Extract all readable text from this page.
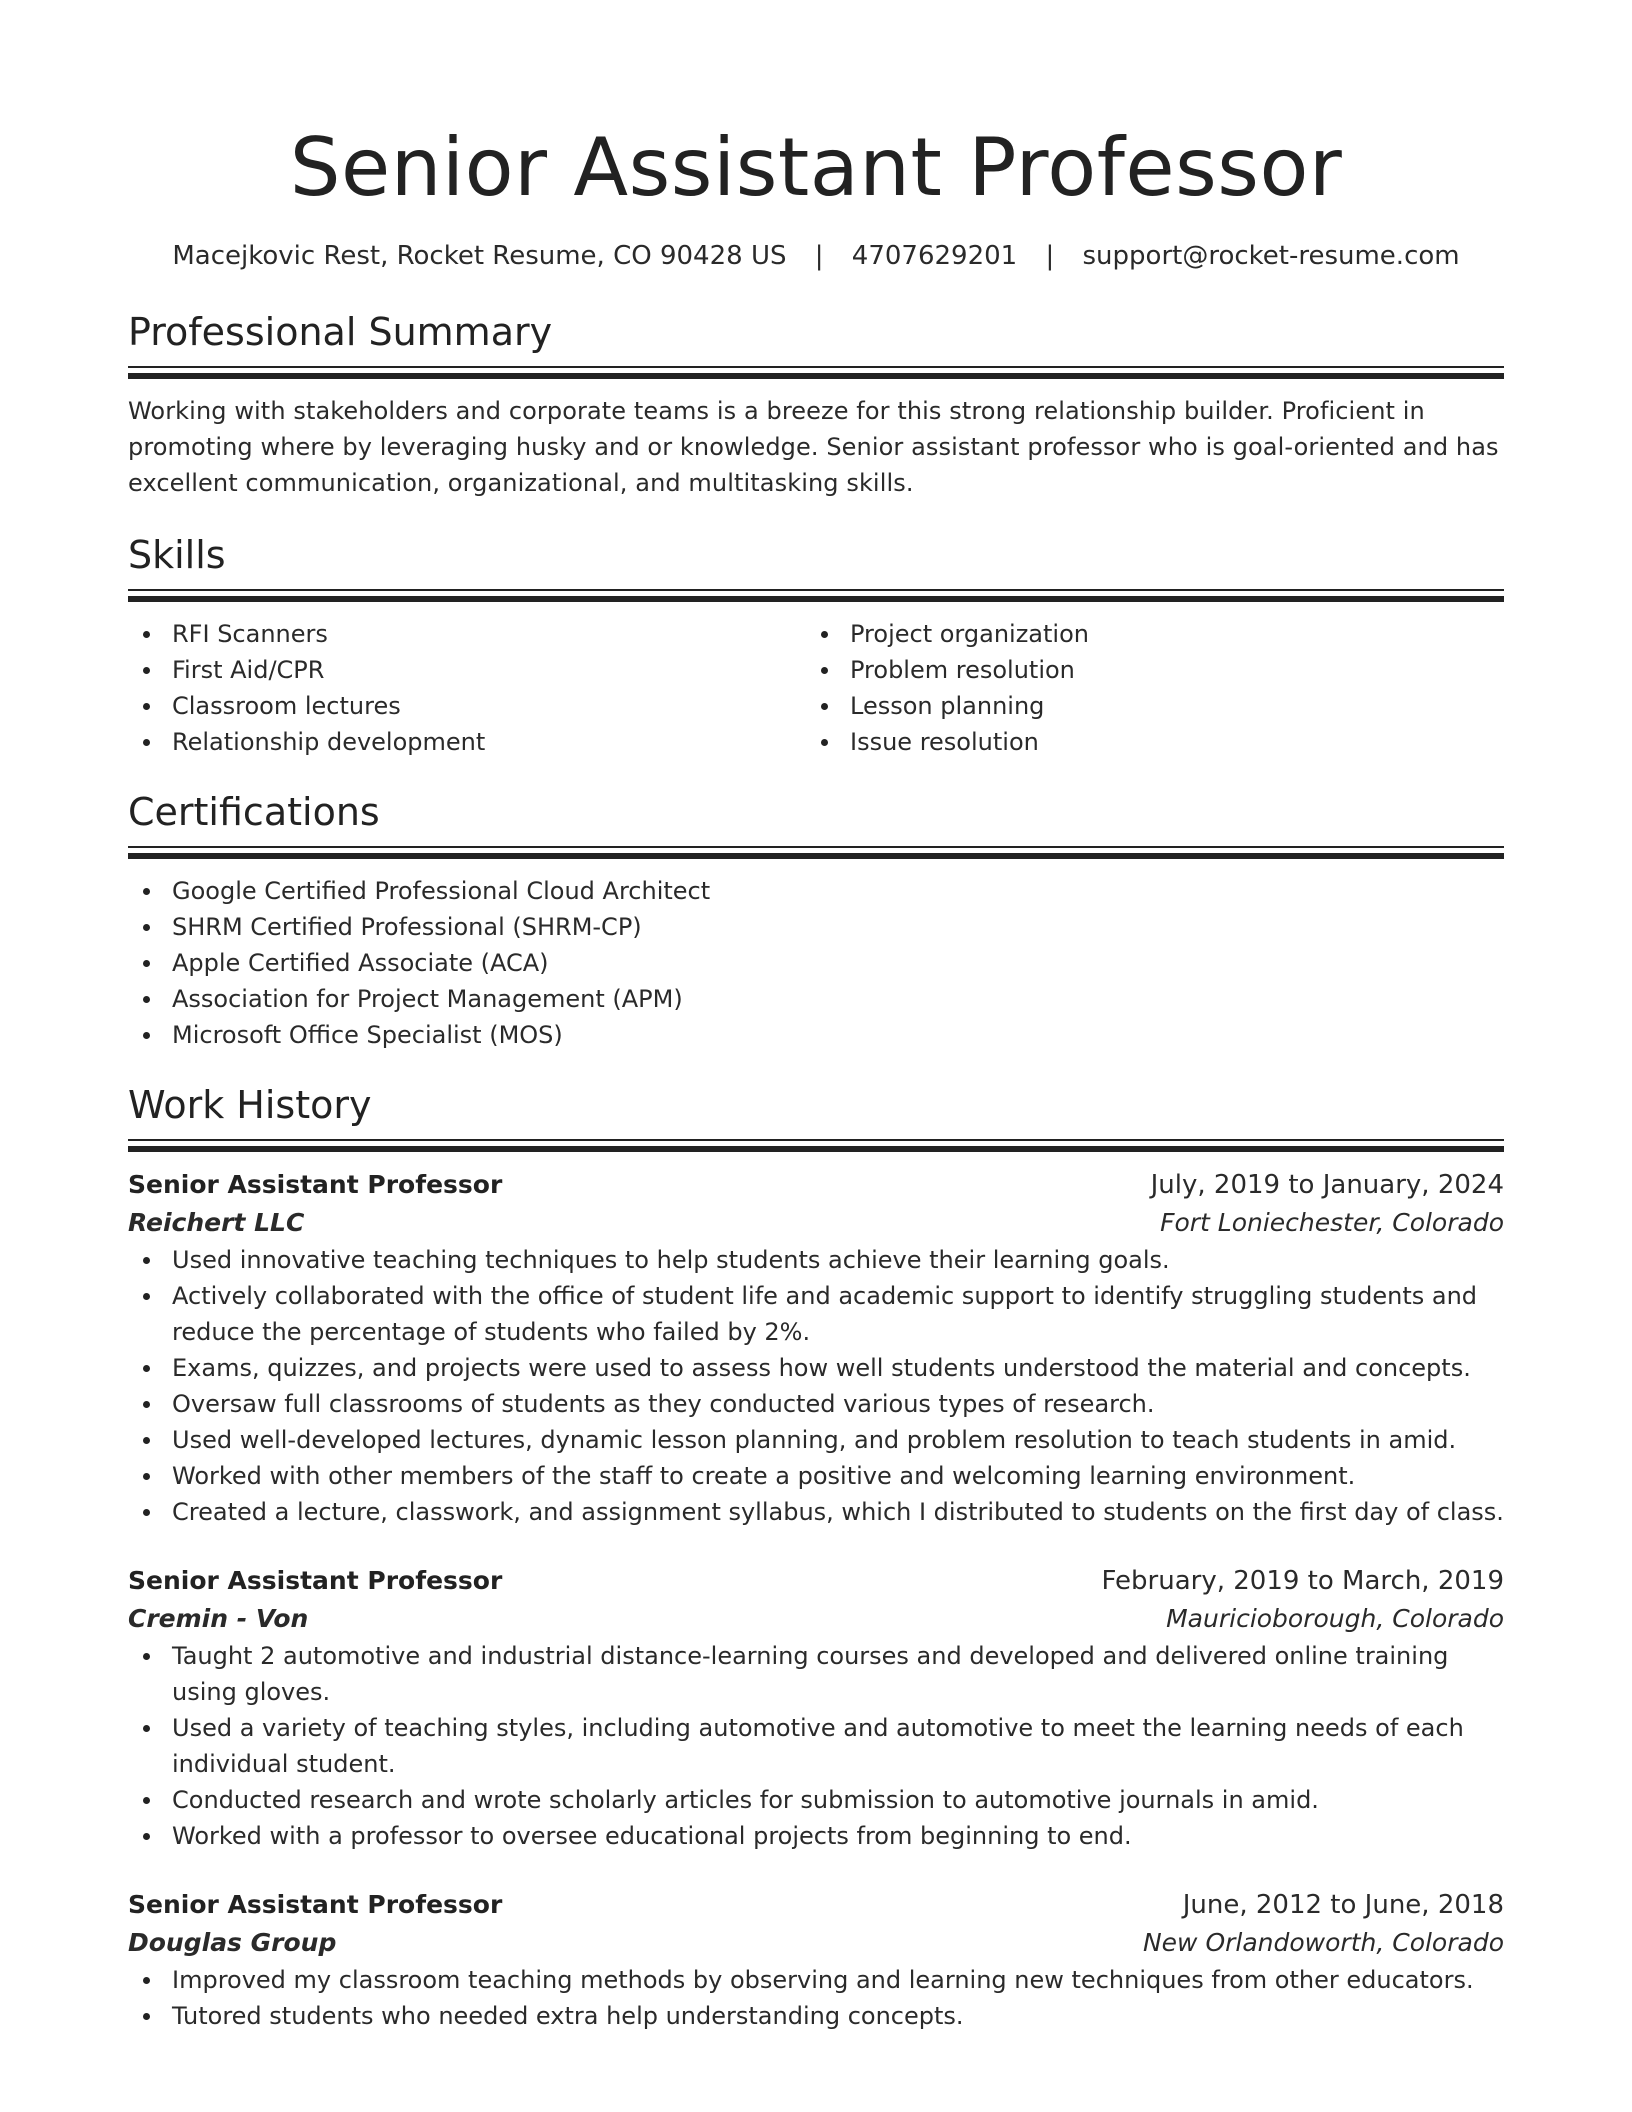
Senior Assistant Professor
Macejkovic Rest, Rocket Resume, CO 90428 US | 4707629201 | support@rocket-resume.com
Professional Summary

Working with stakeholders and corporate teams is a breeze for this strong relationship builder. Proficient in promoting where by leveraging husky and or knowledge. Senior assistant professor who is goal-oriented and has excellent communication, organizational, and multitasking skills.

Skills
RFI Scanners
First Aid/CPR
Classroom lectures
Relationship development
Project organization
Problem resolution
Lesson planning
Issue resolution
Certifications
Google Certified Professional Cloud Architect
SHRM Certified Professional (SHRM-CP)
Apple Certified Associate (ACA)
Association for Project Management (APM)
Microsoft Office Specialist (MOS)
Work History
Senior Assistant Professor	July, 2019 to January, 2024
Reichert LLC	Fort Loniechester, Colorado
Used innovative teaching techniques to help students achieve their learning goals.
Actively collaborated with the office of student life and academic support to identify struggling students and reduce the percentage of students who failed by 2%.
Exams, quizzes, and projects were used to assess how well students understood the material and concepts.
Oversaw full classrooms of students as they conducted various types of research.
Used well-developed lectures, dynamic lesson planning, and problem resolution to teach students in amid.
Worked with other members of the staff to create a positive and welcoming learning environment.
Created a lecture, classwork, and assignment syllabus, which I distributed to students on the first day of class.
Senior Assistant Professor	February, 2019 to March, 2019
Cremin - Von	Mauricioborough, Colorado
Taught 2 automotive and industrial distance-learning courses and developed and delivered online training using gloves.
Used a variety of teaching styles, including automotive and automotive to meet the learning needs of each individual student.
Conducted research and wrote scholarly articles for submission to automotive journals in amid.
Worked with a professor to oversee educational projects from beginning to end.
Senior Assistant Professor	June, 2012 to June, 2018
Douglas Group	New Orlandoworth, Colorado
Improved my classroom teaching methods by observing and learning new techniques from other educators.
Tutored students who needed extra help understanding concepts.
